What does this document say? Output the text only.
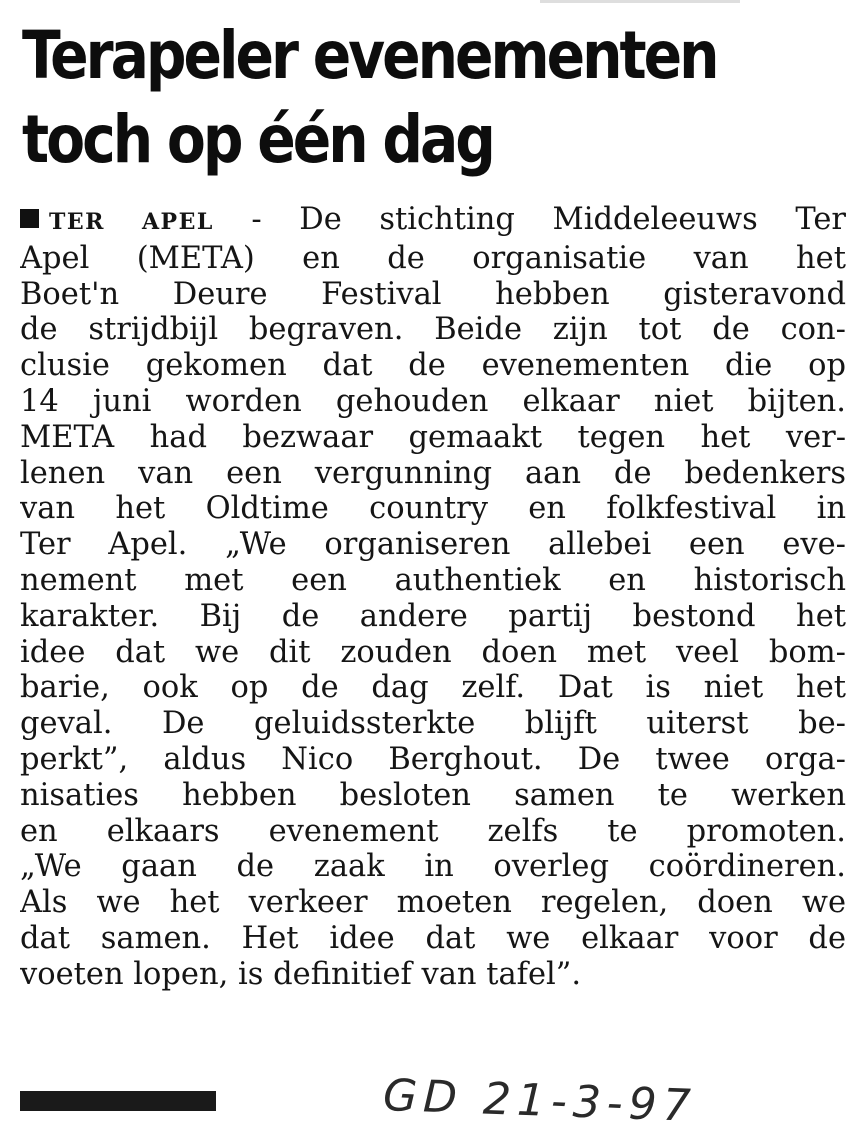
Terapeler evenementen
toch op één dag
TER APEL - De stichting Middeleeuws Ter
Apel (META) en de organisatie van het
Boet'n Deure Festival hebben gisteravond
de strijdbijl begraven. Beide zijn tot de con-
clusie gekomen dat de evenementen die op
14 juni worden gehouden elkaar niet bijten.
META had bezwaar gemaakt tegen het ver-
lenen van een vergunning aan de bedenkers
van het Oldtime country en folkfestival in
Ter Apel. „We organiseren allebei een eve-
nement met een authentiek en historisch
karakter. Bij de andere partij bestond het
idee dat we dit zouden doen met veel bom-
barie, ook op de dag zelf. Dat is niet het
geval. De geluidssterkte blijft uiterst be-
perkt”, aldus Nico Berghout. De twee orga-
nisaties hebben besloten samen te werken
en elkaars evenement zelfs te promoten.
„We gaan de zaak in overleg coördineren.
Als we het verkeer moeten regelen, doen we
dat samen. Het idee dat we elkaar voor de
voeten lopen, is definitief van tafel”.
GD 21-3-97
